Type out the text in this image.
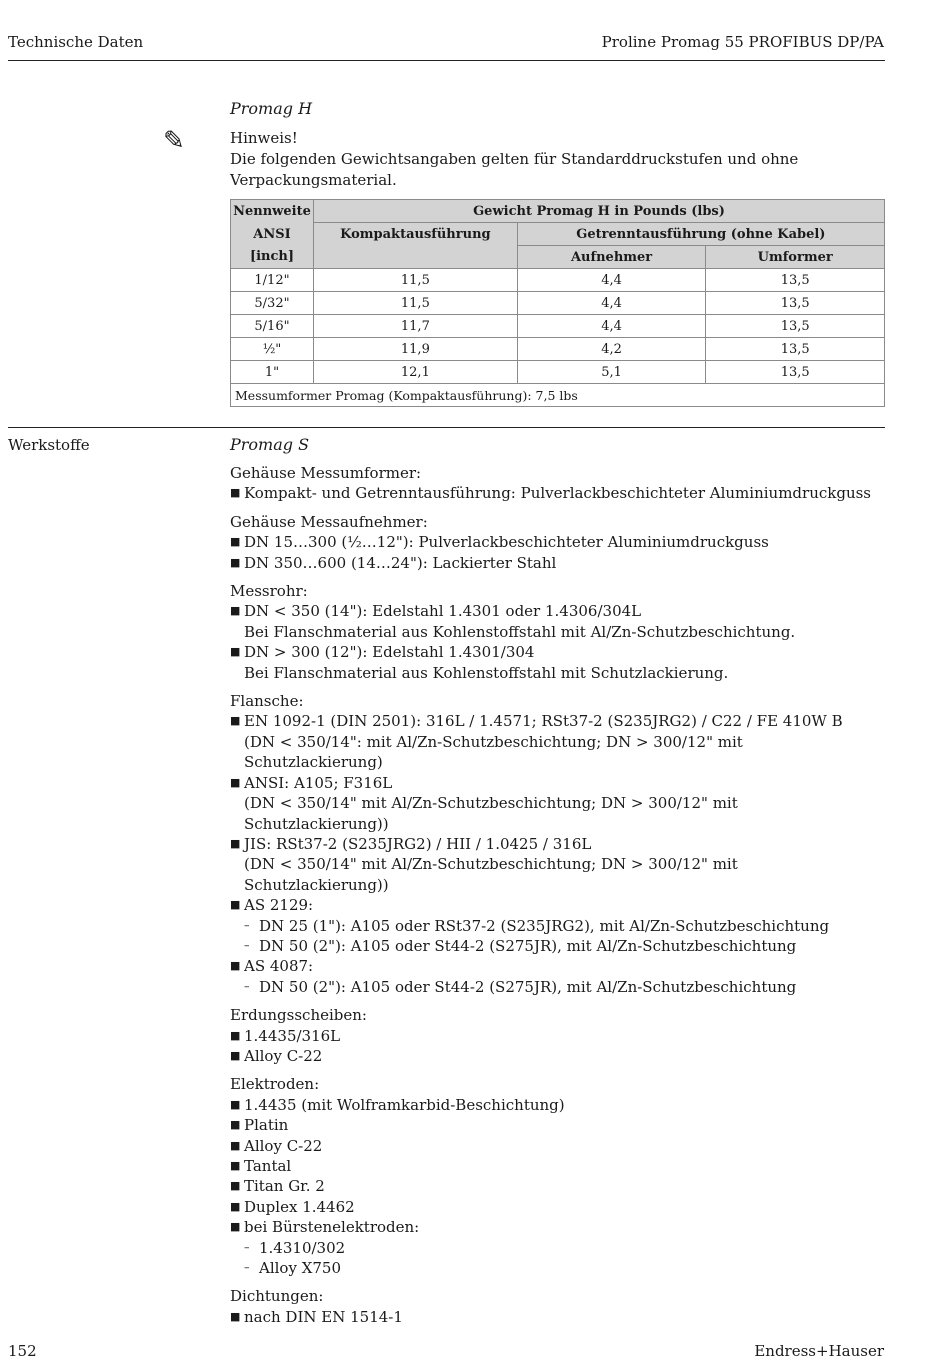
Technische Daten	Proline Promag 55 PROFIBUS DP/PA
Promag H
✎	Hinweis!
Die folgenden Gewichtsangaben gelten für Standarddruckstufen und ohne Verpackungsmaterial.
Nennweite	Gewicht Promag H in Pounds (lbs)		
ANSI	Kompaktausführung	Getrenntausführung (ohne Kabel)	
[inch]		Aufnehmer	Umformer
1/12"	11,5	4,4	13,5
5/32"	11,5	4,4	13,5
5/16"	11,7	4,4	13,5
½"	11,9	4,2	13,5
1"	12,1	5,1	13,5
Messumformer Promag (Kompaktausführung): 7,5 lbs			
Werkstoffe	Promag S
Gehäuse Messumformer:
■ Kompakt- und Getrenntausführung: Pulverlackbeschichteter Aluminiumdruckguss
Gehäuse Messaufnehmer:
■ DN 15…300 (½…12"): Pulverlackbeschichteter Aluminiumdruckguss
■ DN 350…600 (14…24"): Lackierter Stahl
Messrohr:
■ DN < 350 (14"): Edelstahl 1.4301 oder 1.4306/304L
Bei Flanschmaterial aus Kohlenstoffstahl mit Al/Zn-Schutzbeschichtung.
■ DN > 300 (12"): Edelstahl 1.4301/304
Bei Flanschmaterial aus Kohlenstoffstahl mit Schutzlackierung.
Flansche:
■ EN 1092-1 (DIN 2501): 316L / 1.4571; RSt37-2 (S235JRG2) / C22 / FE 410W B
(DN < 350/14": mit Al/Zn-Schutzbeschichtung; DN > 300/12" mit Schutzlackierung)
■ ANSI: A105; F316L
(DN < 350/14" mit Al/Zn-Schutzbeschichtung; DN > 300/12" mit Schutzlackierung))
■ JIS: RSt37-2 (S235JRG2) / HII / 1.0425 / 316L
(DN < 350/14" mit Al/Zn-Schutzbeschichtung; DN > 300/12" mit Schutzlackierung))
■ AS 2129:
– DN 25 (1"): A105 oder RSt37-2 (S235JRG2), mit Al/Zn-Schutzbeschichtung
– DN 50 (2"): A105 oder St44-2 (S275JR), mit Al/Zn-Schutzbeschichtung
■ AS 4087:
– DN 50 (2"): A105 oder St44-2 (S275JR), mit Al/Zn-Schutzbeschichtung
Erdungsscheiben:
■ 1.4435/316L
■ Alloy C-22
Elektroden:
■ 1.4435 (mit Wolframkarbid-Beschichtung)
■ Platin
■ Alloy C-22
■ Tantal
■ Titan Gr. 2
■ Duplex 1.4462
■ bei Bürstenelektroden:
– 1.4310/302
– Alloy X750
Dichtungen:
■ nach DIN EN 1514-1
152	Endress+Hauser
